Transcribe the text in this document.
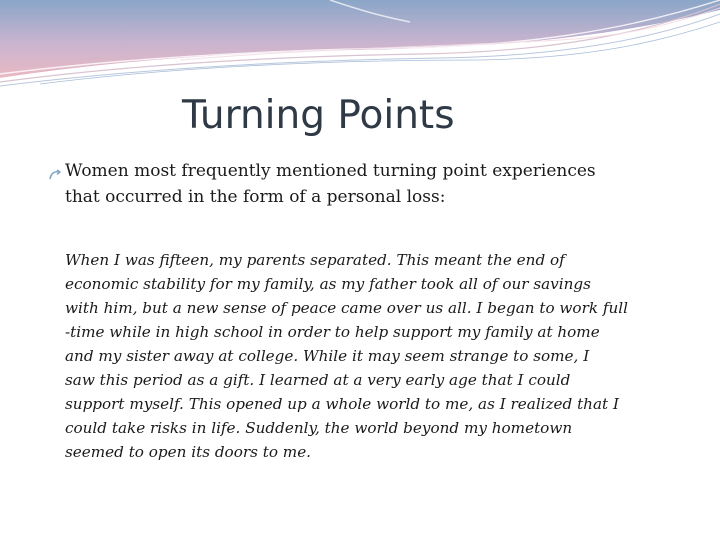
Turning Points

Women most frequently mentioned turning point experiences
that occurred in the form of a personal loss:

When I was fifteen, my parents separated. This meant the end of
economic stability for my family, as my father took all of our savings
with him, but a new sense of peace came over us all. I began to work full
-time while in high school in order to help support my family at home
and my sister away at college. While it may seem strange to some, I
saw this period as a gift. I learned at a very early age that I could
support myself. This opened up a whole world to me, as I realized that I
could take risks in life. Suddenly, the world beyond my hometown
seemed to open its doors to me.
